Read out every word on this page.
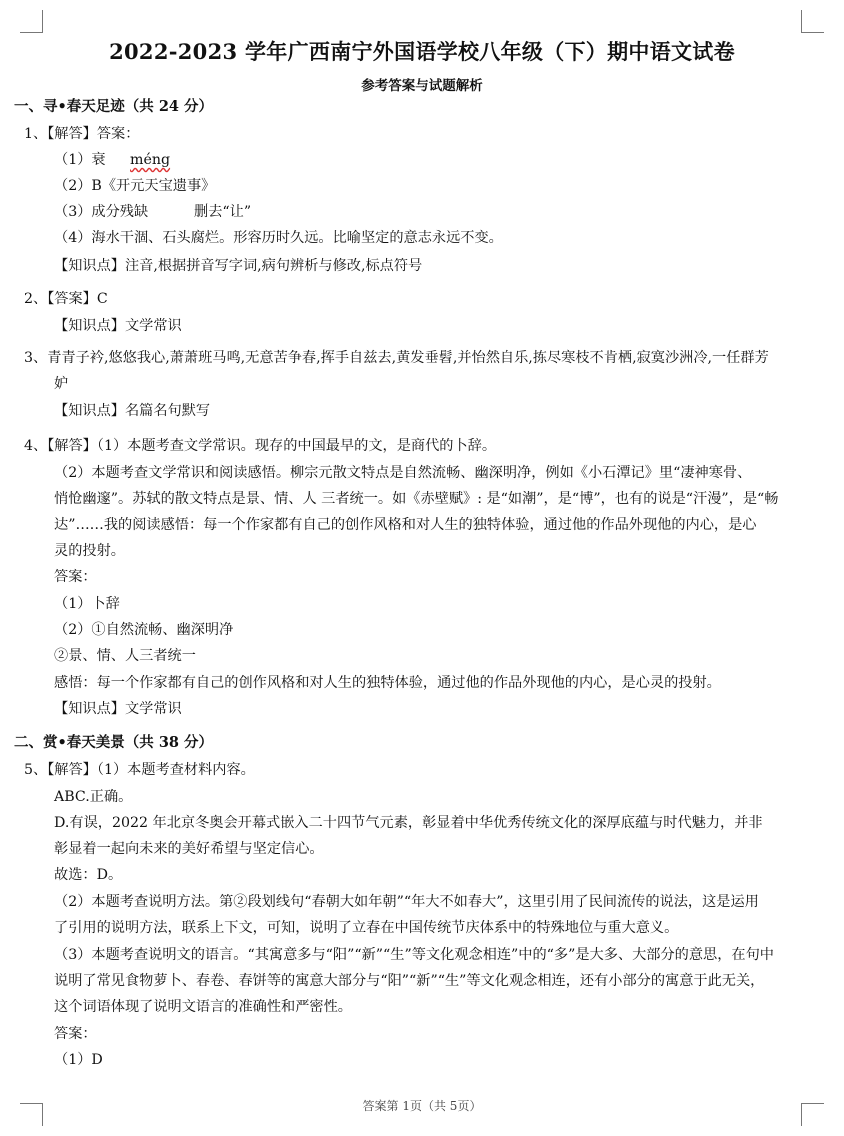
2022-2023 学年广西南宁外国语学校八年级（下）期中语文试卷
参考答案与试题解析
一、寻•春天足迹（共 24 分）
1、【解答】答案：
（1）衰 méng
（2）B《开元天宝遗事》
（3）成分残缺	删去“让”
（4）海水干涸、石头腐烂。形容历时久远。比喻坚定的意志永远不变。
【知识点】注音,根据拼音写字词,病句辨析与修改,标点符号
2、【答案】C
【知识点】文学常识
3、青青子衿,悠悠我心,萧萧班马鸣,无意苦争春,挥手自兹去,黄发垂髫,并怡然自乐,拣尽寒枝不肯栖,寂寞沙洲冷,一任群芳
妒
【知识点】名篇名句默写
4、【解答】（1）本题考查文学常识。现存的中国最早的文，是商代的卜辞。
（2）本题考查文学常识和阅读感悟。柳宗元散文特点是自然流畅、幽深明净，例如《小石潭记》里“凄神寒骨、
悄怆幽邃”。苏轼的散文特点是景、情、人 三者统一。如《赤壁赋》: 是“如潮”，是“博”，也有的说是“汗漫”，是“畅
达”……我的阅读感悟：每一个作家都有自己的创作风格和对人生的独特体验，通过他的作品外现他的内心，是心
灵的投射。
答案：
（1）卜辞
（2）①自然流畅、幽深明净
②景、情、人三者统一
感悟：每一个作家都有自己的创作风格和对人生的独特体验，通过他的作品外现他的内心，是心灵的投射。
【知识点】文学常识
二、赏•春天美景（共 38 分）
5、【解答】（1）本题考查材料内容。
ABC.正确。
D.有误，2022 年北京冬奥会开幕式嵌入二十四节气元素，彰显着中华优秀传统文化的深厚底蕴与时代魅力，并非
彰显着一起向未来的美好希望与坚定信心。
故选：D。
（2）本题考查说明方法。第②段划线句“春朝大如年朝”“年大不如春大”，这里引用了民间流传的说法，这是运用
了引用的说明方法，联系上下文，可知，说明了立春在中国传统节庆体系中的特殊地位与重大意义。
（3）本题考查说明文的语言。“其寓意多与“阳”“新”“生”等文化观念相连”中的“多”是大多、大部分的意思，在句中
说明了常见食物萝卜、春卷、春饼等的寓意大部分与“阳”“新”“生”等文化观念相连，还有小部分的寓意于此无关，
这个词语体现了说明文语言的准确性和严密性。
答案：
（1）D
答案第 1页（共 5页）
